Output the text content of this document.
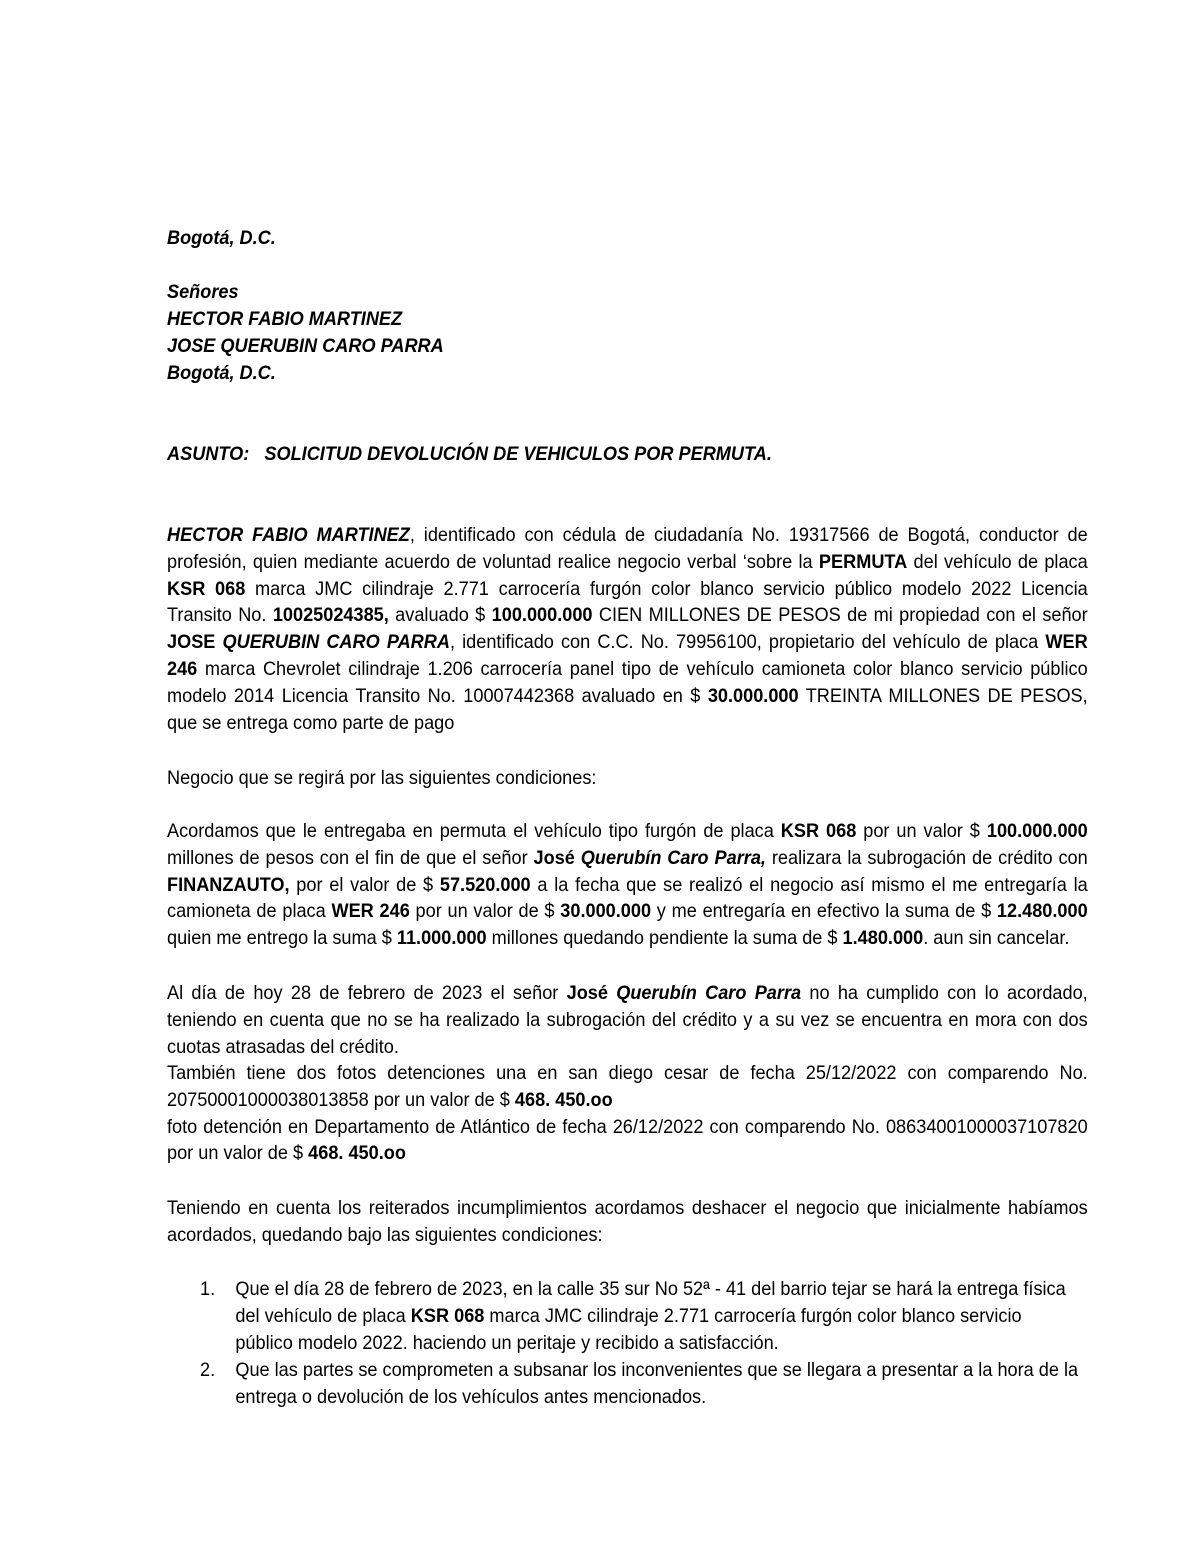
Bogotá, D.C.
Señores
HECTOR FABIO MARTINEZ
JOSE QUERUBIN CARO PARRA
Bogotá, D.C.
ASUNTO:   SOLICITUD DEVOLUCIÓN DE VEHICULOS POR PERMUTA.
HECTOR FABIO MARTINEZ, identificado con cédula de ciudadanía No. 19317566 de Bogotá, conductor de profesión, quien mediante acuerdo de voluntad realice negocio verbal ‘sobre la PERMUTA del vehículo de placa KSR 068 marca JMC cilindraje 2.771 carrocería furgón color blanco servicio público modelo 2022 Licencia Transito No. 10025024385, avaluado $ 100.000.000 CIEN MILLONES DE PESOS de mi propiedad con el señor JOSE QUERUBIN CARO PARRA, identificado con C.C. No. 79956100, propietario del vehículo de placa WER 246 marca Chevrolet cilindraje 1.206 carrocería panel tipo de vehículo camioneta color blanco servicio público modelo 2014 Licencia Transito No. 10007442368 avaluado en $ 30.000.000 TREINTA MILLONES DE PESOS, que se entrega como parte de pago
Negocio que se regirá por las siguientes condiciones:
Acordamos que le entregaba en permuta el vehículo tipo furgón de placa KSR 068 por un valor $ 100.000.000 millones de pesos con el fin de que el señor José Querubín Caro Parra, realizara la subrogación de crédito con FINANZAUTO, por el valor de $ 57.520.000 a la fecha que se realizó el negocio así mismo el me entregaría la camioneta de placa WER 246 por un valor de $ 30.000.000 y me entregaría en efectivo la suma de $ 12.480.000 quien me entrego la suma $ 11.000.000 millones quedando pendiente la suma de $ 1.480.000. aun sin cancelar.
Al día de hoy 28 de febrero de 2023 el señor José Querubín Caro Parra no ha cumplido con lo acordado, teniendo en cuenta que no se ha realizado la subrogación del crédito y a su vez se encuentra en mora con dos cuotas atrasadas del crédito.
También tiene dos fotos detenciones una en san diego cesar de fecha 25/12/2022 con comparendo No. 20750001000038013858 por un valor de $ 468. 450.oo
foto detención en Departamento de Atlántico de fecha 26/12/2022 con comparendo No. 08634001000037107820 por un valor de $ 468. 450.oo
Teniendo en cuenta los reiterados incumplimientos acordamos deshacer el negocio que inicialmente habíamos acordados, quedando bajo las siguientes condiciones:
1.	Que el día 28 de febrero de 2023, en la calle 35 sur No 52ª - 41 del barrio tejar se hará la entrega física del vehículo de placa KSR 068 marca JMC cilindraje 2.771 carrocería furgón color blanco servicio público modelo 2022. haciendo un peritaje y recibido a satisfacción.
2.	Que las partes se comprometen a subsanar los inconvenientes que se llegara a presentar a la hora de la entrega o devolución de los vehículos antes mencionados.
